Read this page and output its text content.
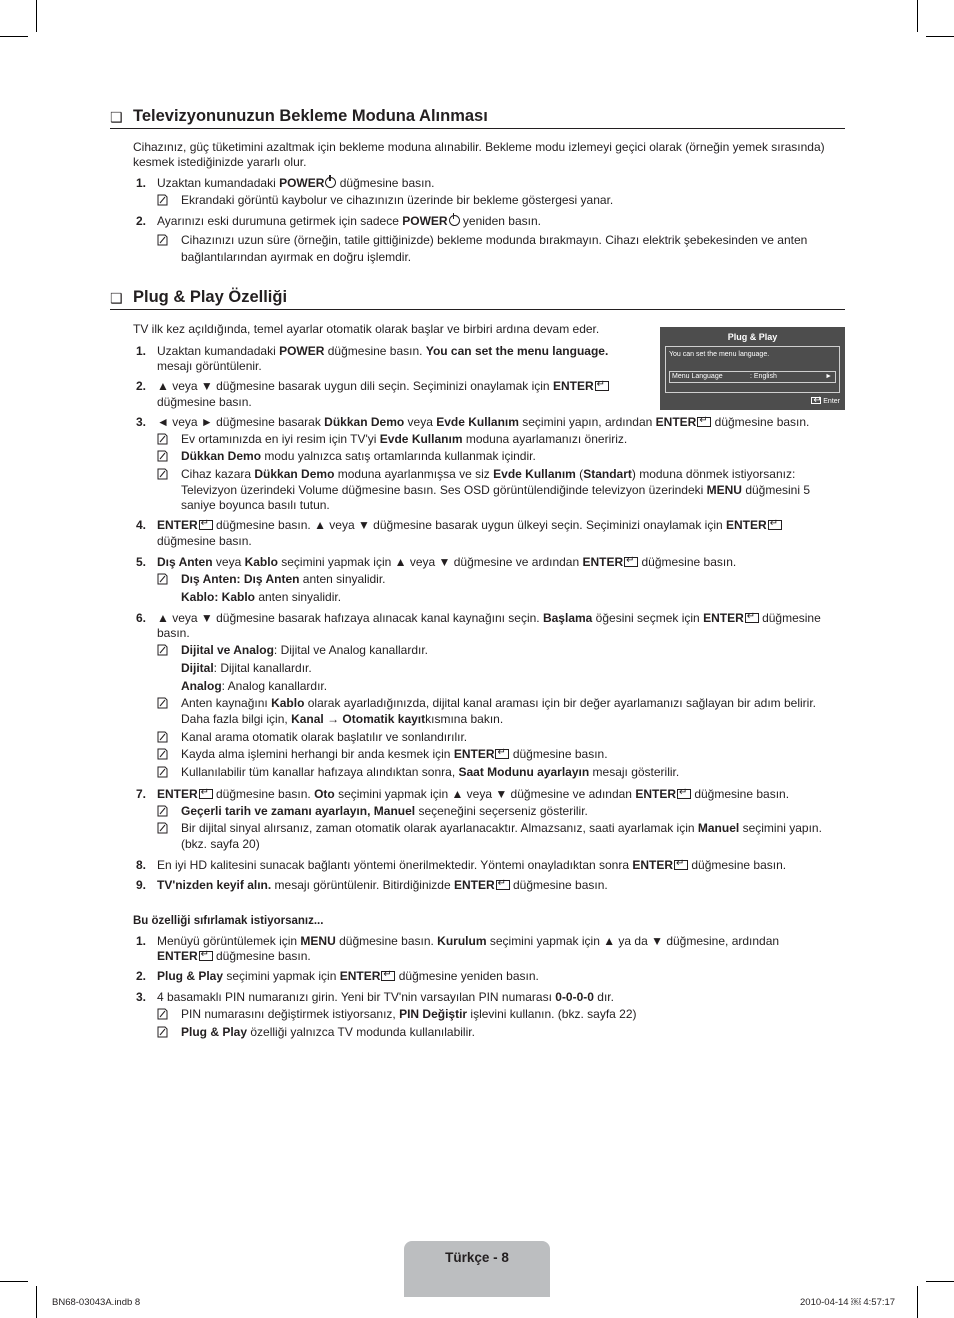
❑ Televizyonunuzun Bekleme Moduna Alınması
Cihazınız, güç tüketimini azaltmak için bekleme moduna alınabilir. Bekleme modu izlemeyi geçici olarak (örneğin yemek sırasında)
kesmek istediğinizde yararlı olur.
1. Uzaktan kumandadaki POWER düğmesine basın.
Ekrandaki görüntü kaybolur ve cihazınızın üzerinde bir bekleme göstergesi yanar.
2. Ayarınızı eski durumuna getirmek için sadece POWER yeniden basın.
Cihazınızı uzun süre (örneğin, tatile gittiğinizde) bekleme modunda bırakmayın. Cihazı elektrik şebekesinden ve anten
bağlantılarından ayırmak en doğru işlemdir.
❑ Plug & Play Özelliği
TV ilk kez açıldığında, temel ayarlar otomatik olarak başlar ve birbiri ardına devam eder.
Plug & Play
You can set the menu language.
Menu Language	: English	►
↵ Enter
1. Uzaktan kumandadaki POWER düğmesine basın. You can set the menu language.
mesajı görüntülenir.
2. ▲ veya ▼ düğmesine basarak uygun dili seçin. Seçiminizi onaylamak için ENTER↵
düğmesine basın.
3. ◄ veya ► düğmesine basarak Dükkan Demo veya Evde Kullanım seçimini yapın, ardından ENTER↵ düğmesine basın.
Ev ortamınızda en iyi resim için TV'yi Evde Kullanım moduna ayarlamanızı öneririz.
Dükkan Demo modu yalnızca satış ortamlarında kullanmak içindir.
Cihaz kazara Dükkan Demo moduna ayarlanmışsa ve siz Evde Kullanım (Standart) moduna dönmek istiyorsanız:
Televizyon üzerindeki Volume düğmesine basın. Ses OSD görüntülendiğinde televizyon üzerindeki MENU düğmesini 5
saniye boyunca basılı tutun.
4. ENTER↵ düğmesine basın. ▲ veya ▼ düğmesine basarak uygun ülkeyi seçin. Seçiminizi onaylamak için ENTER↵
düğmesine basın.
5. Dış Anten veya Kablo seçimini yapmak için ▲ veya ▼ düğmesine ve ardından ENTER↵ düğmesine basın.
Dış Anten: Dış Anten anten sinyalidir.
Kablo: Kablo anten sinyalidir.
6. ▲ veya ▼ düğmesine basarak hafızaya alınacak kanal kaynağını seçin. Başlama öğesini seçmek için ENTER↵ düğmesine
basın.
Dijital ve Analog: Dijital ve Analog kanallardır.
Dijital: Dijital kanallardır.
Analog: Analog kanallardır.
Anten kaynağını Kablo olarak ayarladığınızda, dijital kanal araması için bir değer ayarlamanızı sağlayan bir adım belirir.
Daha fazla bilgi için, Kanal → Otomatik kayıtkısmına bakın.
Kanal arama otomatik olarak başlatılır ve sonlandırılır.
Kayda alma işlemini herhangi bir anda kesmek için ENTER↵ düğmesine basın.
Kullanılabilir tüm kanallar hafızaya alındıktan sonra, Saat Modunu ayarlayın mesajı gösterilir.
7. ENTER↵ düğmesine basın. Oto seçimini yapmak için ▲ veya ▼ düğmesine ve adından ENTER↵ düğmesine basın.
Geçerli tarih ve zamanı ayarlayın, Manuel seçeneğini seçerseniz gösterilir.
Bir dijital sinyal alırsanız, zaman otomatik olarak ayarlanacaktır. Almazsanız, saati ayarlamak için Manuel seçimini yapın.
(bkz. sayfa 20)
8. En iyi HD kalitesini sunacak bağlantı yöntemi önerilmektedir. Yöntemi onayladıktan sonra ENTER↵ düğmesine basın.
9. TV'nizden keyif alın. mesajı görüntülenir. Bitirdiğinizde ENTER↵ düğmesine basın.
Bu özelliği sıfırlamak istiyorsanız...
1. Menüyü görüntülemek için MENU düğmesine basın. Kurulum seçimini yapmak için ▲ ya da ▼ düğmesine, ardından
ENTER↵ düğmesine basın.
2. Plug & Play seçimini yapmak için ENTER↵ düğmesine yeniden basın.
3. 4 basamaklı PIN numaranızı girin. Yeni bir TV'nin varsayılan PIN numarası 0-0-0-0 dır.
PIN numarasını değiştirmek istiyorsanız, PIN Değiştir işlevini kullanın. (bkz. sayfa 22)
Plug & Play özelliği yalnızca TV modunda kullanılabilir.
Türkçe - 8
BN68-03043A.indb 8	2010-04-14 ￼ 4:57:17
